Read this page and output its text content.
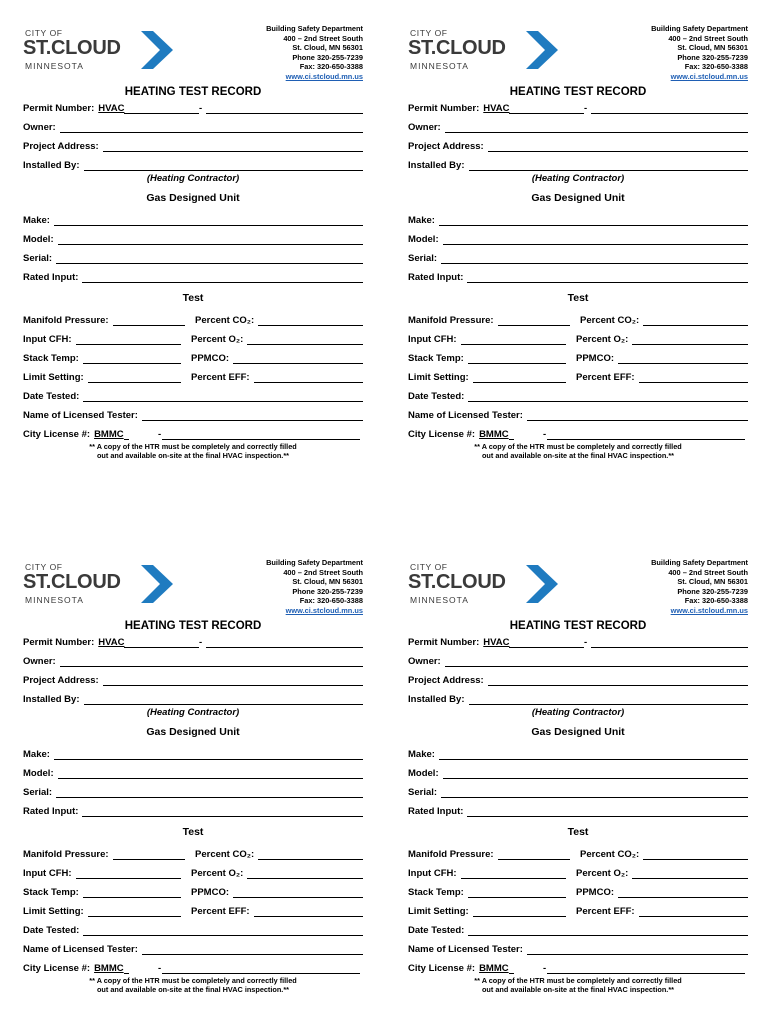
CITY OF
ST.CLOUD
MINNESOTA
Building Safety Department
400 – 2nd Street South
St. Cloud, MN 56301
Phone 320-255-7239
Fax: 320-650-3388
www.ci.stcloud.mn.us
HEATING TEST RECORD
Permit Number: HVAC	-
Owner:
Project Address:
Installed By:
(Heating Contractor)
Gas Designed Unit
Make:
Model:
Serial:
Rated Input:
Test
Manifold Pressure:	Percent CO₂:
Input CFH:	Percent O₂:
Stack Temp:	PPMCO:
Limit Setting:	Percent EFF:
Date Tested:
Name of Licensed Tester:
City License #: BMMC	-
** A copy of the HTR must be completely and correctly filled
out and available on-site at the final HVAC inspection.**
CITY OF
ST.CLOUD
MINNESOTA
Building Safety Department
400 – 2nd Street South
St. Cloud, MN 56301
Phone 320-255-7239
Fax: 320-650-3388
www.ci.stcloud.mn.us
HEATING TEST RECORD
Permit Number: HVAC	-
Owner:
Project Address:
Installed By:
(Heating Contractor)
Gas Designed Unit
Make:
Model:
Serial:
Rated Input:
Test
Manifold Pressure:	Percent CO₂:
Input CFH:	Percent O₂:
Stack Temp:	PPMCO:
Limit Setting:	Percent EFF:
Date Tested:
Name of Licensed Tester:
City License #: BMMC	-
** A copy of the HTR must be completely and correctly filled
out and available on-site at the final HVAC inspection.**
CITY OF
ST.CLOUD
MINNESOTA
Building Safety Department
400 – 2nd Street South
St. Cloud, MN 56301
Phone 320-255-7239
Fax: 320-650-3388
www.ci.stcloud.mn.us
HEATING TEST RECORD
Permit Number: HVAC	-
Owner:
Project Address:
Installed By:
(Heating Contractor)
Gas Designed Unit
Make:
Model:
Serial:
Rated Input:
Test
Manifold Pressure:	Percent CO₂:
Input CFH:	Percent O₂:
Stack Temp:	PPMCO:
Limit Setting:	Percent EFF:
Date Tested:
Name of Licensed Tester:
City License #: BMMC	-
** A copy of the HTR must be completely and correctly filled
out and available on-site at the final HVAC inspection.**
CITY OF
ST.CLOUD
MINNESOTA
Building Safety Department
400 – 2nd Street South
St. Cloud, MN 56301
Phone 320-255-7239
Fax: 320-650-3388
www.ci.stcloud.mn.us
HEATING TEST RECORD
Permit Number: HVAC	-
Owner:
Project Address:
Installed By:
(Heating Contractor)
Gas Designed Unit
Make:
Model:
Serial:
Rated Input:
Test
Manifold Pressure:	Percent CO₂:
Input CFH:	Percent O₂:
Stack Temp:	PPMCO:
Limit Setting:	Percent EFF:
Date Tested:
Name of Licensed Tester:
City License #: BMMC	-
** A copy of the HTR must be completely and correctly filled
out and available on-site at the final HVAC inspection.**
